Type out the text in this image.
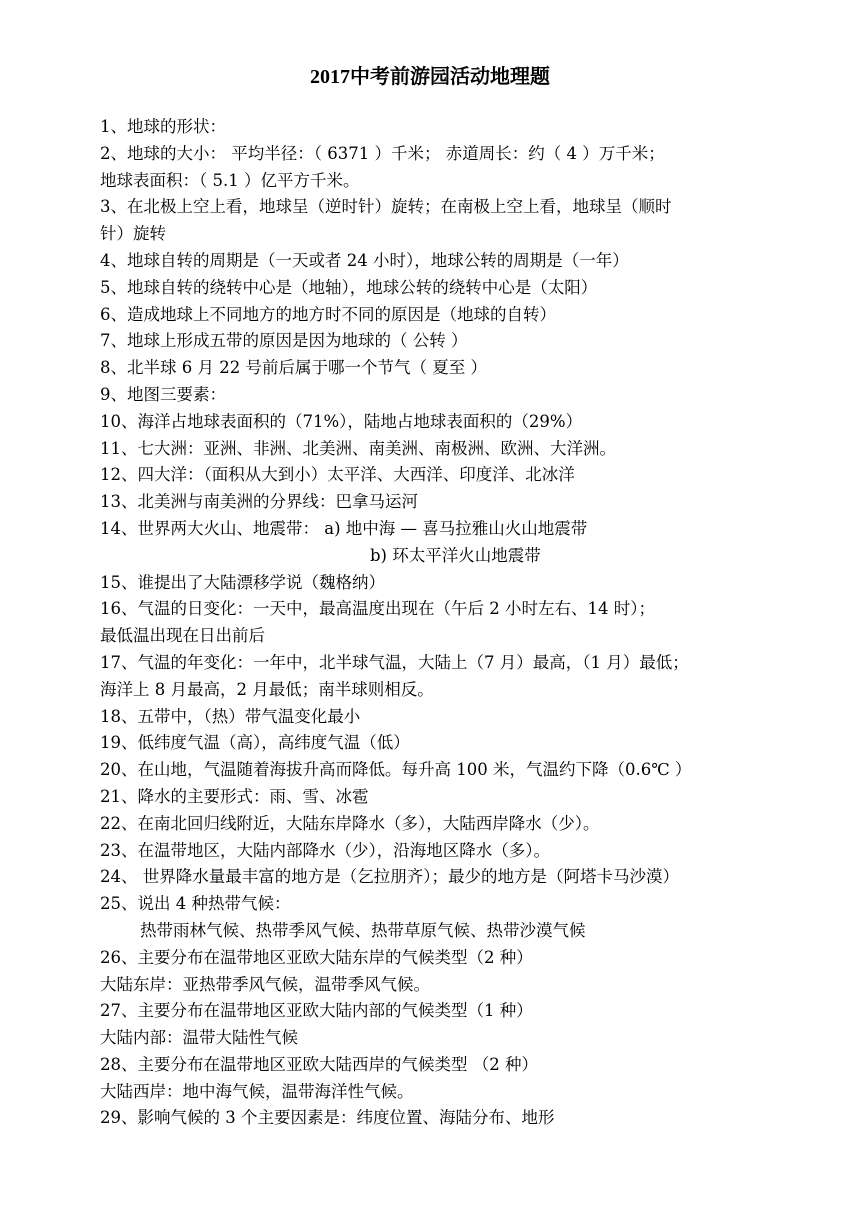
2017中考前游园活动地理题
1、地球的形状：
2、地球的大小： 平均半径：（ 6371 ）千米； 赤道周长：约（ 4 ）万千米；
地球表面积：（ 5.1 ）亿平方千米。
3、在北极上空上看，地球呈（逆时针）旋转；在南极上空上看，地球呈（顺时
针）旋转
4、地球自转的周期是（一天或者 24 小时），地球公转的周期是（一年）
5、地球自转的绕转中心是（地轴），地球公转的绕转中心是（太阳）
6、造成地球上不同地方的地方时不同的原因是（地球的自转）
7、地球上形成五带的原因是因为地球的（ 公转 ）
8、北半球 6 月 22 号前后属于哪一个节气（ 夏至 ）
9、地图三要素：
10、海洋占地球表面积的（71%），陆地占地球表面积的（29%）
11、七大洲：亚洲、非洲、北美洲、南美洲、南极洲、欧洲、大洋洲。
12、四大洋：（面积从大到小）太平洋、大西洋、印度洋、北冰洋
13、北美洲与南美洲的分界线：巴拿马运河
14、世界两大火山、地震带： a) 地中海 — 喜马拉雅山火山地震带
b) 环太平洋火山地震带
15、谁提出了大陆漂移学说（魏格纳）
16、气温的日变化：一天中，最高温度出现在（午后 2 小时左右、14 时）；
最低温出现在日出前后
17、气温的年变化：一年中，北半球气温，大陆上（7 月）最高，（1 月）最低；
海洋上 8 月最高，2 月最低；南半球则相反。
18、五带中，（热）带气温变化最小
19、低纬度气温（高），高纬度气温（低）
20、在山地，气温随着海拔升高而降低。每升高 100 米，气温约下降（0.6℃ ）
21、降水的主要形式：雨、雪、冰雹
22、在南北回归线附近，大陆东岸降水（多），大陆西岸降水（少）。
23、在温带地区，大陆内部降水（少），沿海地区降水（多）。
24、 世界降水量最丰富的地方是（乞拉朋齐）；最少的地方是（阿塔卡马沙漠）
25、说出 4 种热带气候：
热带雨林气候、热带季风气候、热带草原气候、热带沙漠气候
26、主要分布在温带地区亚欧大陆东岸的气候类型（2 种）
大陆东岸：亚热带季风气候，温带季风气候。
27、主要分布在温带地区亚欧大陆内部的气候类型（1 种）
大陆内部：温带大陆性气候
28、主要分布在温带地区亚欧大陆西岸的气候类型 （2 种）
大陆西岸：地中海气候，温带海洋性气候。
29、影响气候的 3 个主要因素是：纬度位置、海陆分布、地形
